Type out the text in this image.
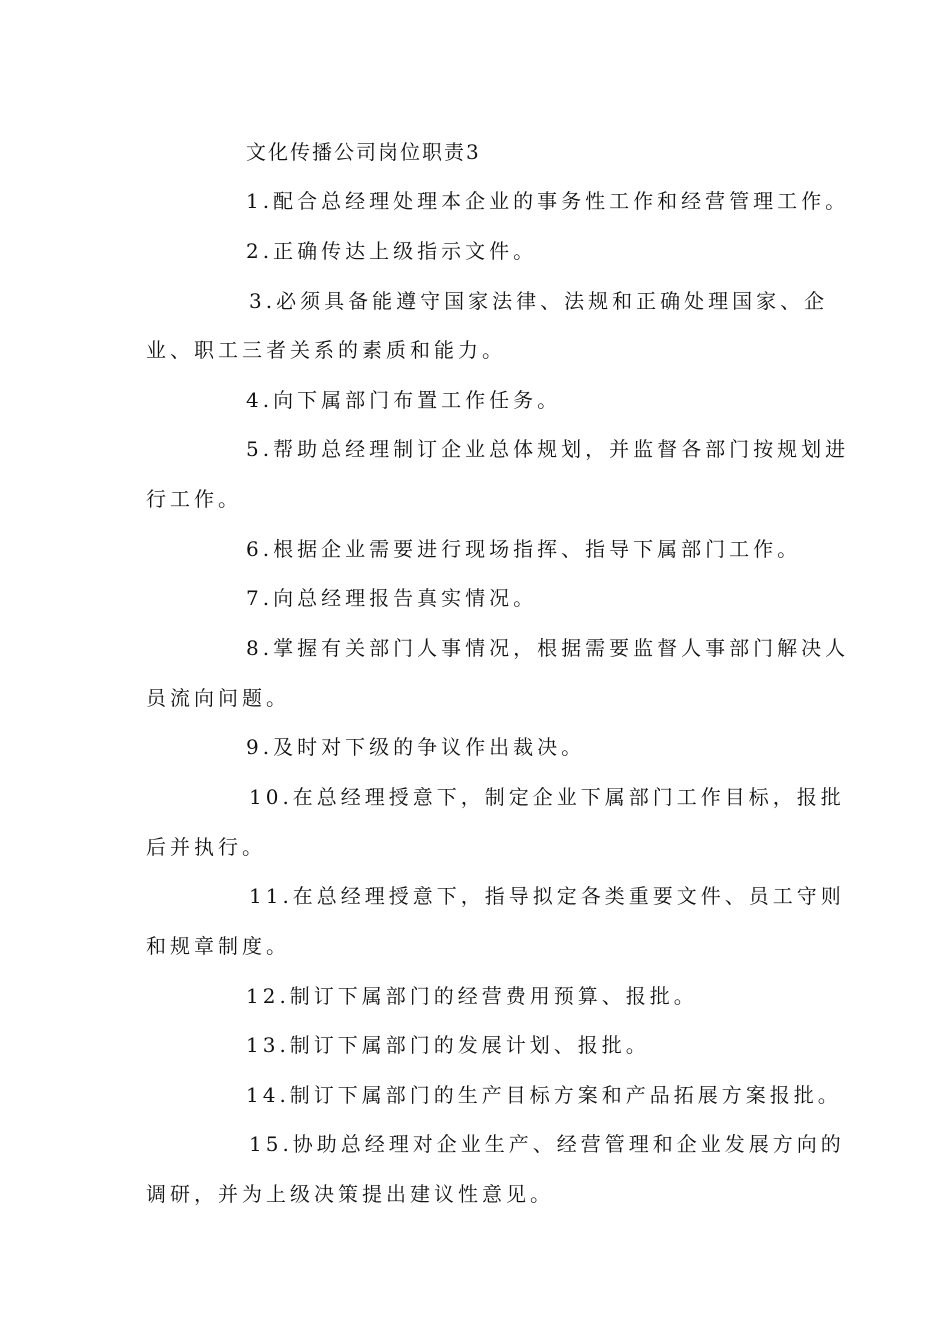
文化传播公司岗位职责3
1.配合总经理处理本企业的事务性工作和经营管理工作。
2.正确传达上级指示文件。
3.必须具备能遵守国家法律、法规和正确处理国家、企
业、职工三者关系的素质和能力。
4.向下属部门布置工作任务。
5.帮助总经理制订企业总体规划，并监督各部门按规划进
行工作。
6.根据企业需要进行现场指挥、指导下属部门工作。
7.向总经理报告真实情况。
8.掌握有关部门人事情况，根据需要监督人事部门解决人
员流向问题。
9.及时对下级的争议作出裁决。
10.在总经理授意下，制定企业下属部门工作目标，报批
后并执行。
11.在总经理授意下，指导拟定各类重要文件、员工守则
和规章制度。
12.制订下属部门的经营费用预算、报批。
13.制订下属部门的发展计划、报批。
14.制订下属部门的生产目标方案和产品拓展方案报批。
15.协助总经理对企业生产、经营管理和企业发展方向的
调研，并为上级决策提出建议性意见。
